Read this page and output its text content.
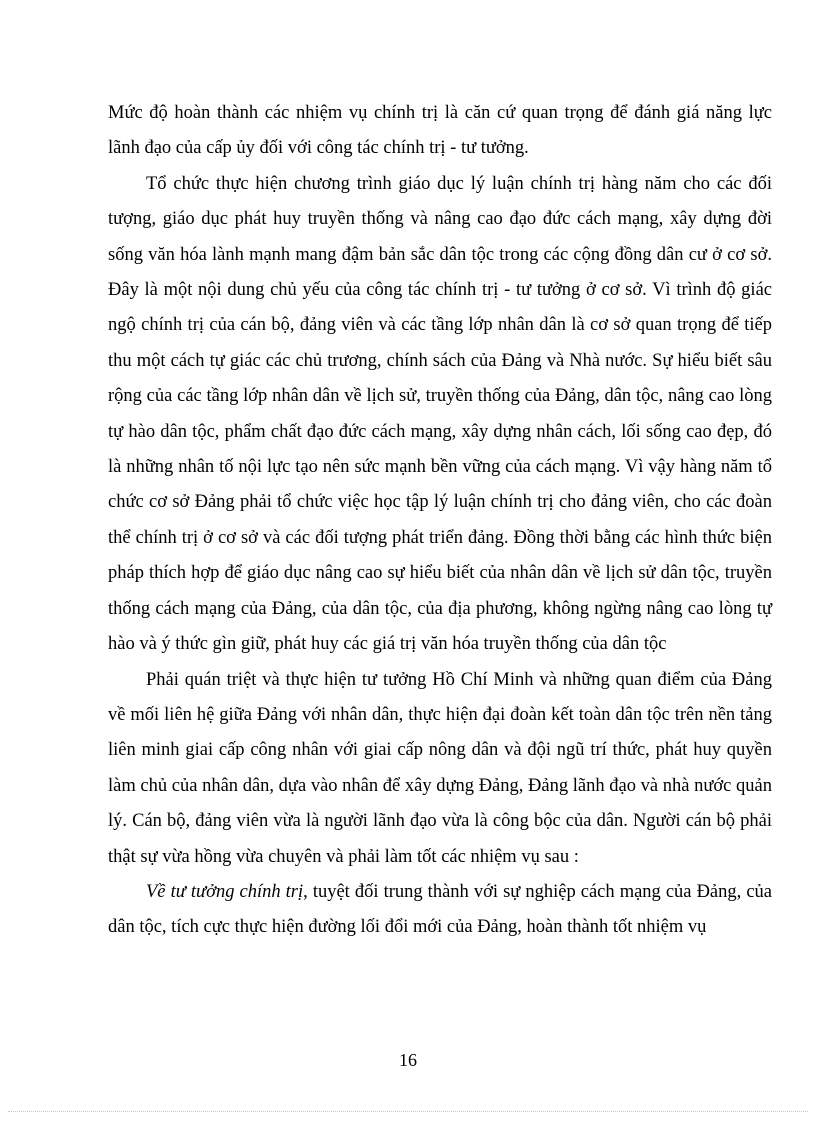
Mức độ hoàn thành các nhiệm vụ chính trị là căn cứ quan trọng để đánh giá năng lực lãnh đạo của cấp ủy đối với công tác chính trị - tư tưởng.

Tổ chức thực hiện chương trình giáo dục lý luận chính trị hàng năm cho các đối tượng, giáo dục phát huy truyền thống và nâng cao đạo đức cách mạng, xây dựng đời sống văn hóa lành mạnh mang đậm bản sắc dân tộc trong các cộng đồng dân cư ở cơ sở. Đây là một nội dung chủ yếu của công tác chính trị - tư tưởng ở cơ sở. Vì trình độ giác ngộ chính trị của cán bộ, đảng viên và các tầng lớp nhân dân là cơ sở quan trọng để tiếp thu một cách tự giác các chủ trương, chính sách của Đảng và Nhà nước. Sự hiểu biết sâu rộng của các tầng lớp nhân dân về lịch sử, truyền thống của Đảng, dân tộc, nâng cao lòng tự hào dân tộc, phẩm chất đạo đức cách mạng, xây dựng nhân cách, lối sống cao đẹp, đó là những nhân tố nội lực tạo nên sức mạnh bền vững của cách mạng. Vì vậy hàng năm tổ chức cơ sở Đảng phải tổ chức việc học tập lý luận chính trị cho đảng viên, cho các đoàn thể chính trị ở cơ sở và các đối tượng phát triển đảng. Đồng thời bằng các hình thức biện pháp thích hợp để giáo dục nâng cao sự hiểu biết của nhân dân về lịch sử dân tộc, truyền thống cách mạng của Đảng, của dân tộc, của địa phương, không ngừng nâng cao lòng tự hào và ý thức gìn giữ, phát huy các giá trị văn hóa truyền thống của dân tộc

Phải quán triệt và thực hiện tư tưởng Hồ Chí Minh và những quan điểm của Đảng về mối liên hệ giữa Đảng với nhân dân, thực hiện đại đoàn kết toàn dân tộc trên nền tảng liên minh giai cấp công nhân với giai cấp nông dân và đội ngũ trí thức, phát huy quyền làm chủ của nhân dân, dựa vào nhân để xây dựng Đảng, Đảng lãnh đạo và nhà nước quản lý. Cán bộ, đảng viên vừa là người lãnh đạo vừa là công bộc của dân. Người cán bộ phải thật sự vừa hồng vừa chuyên và phải làm tốt các nhiệm vụ sau :

Về tư tưởng chính trị, tuyệt đối trung thành với sự nghiệp cách mạng của Đảng, của dân tộc, tích cực thực hiện đường lối đổi mới của Đảng, hoàn thành tốt nhiệm vụ

16
